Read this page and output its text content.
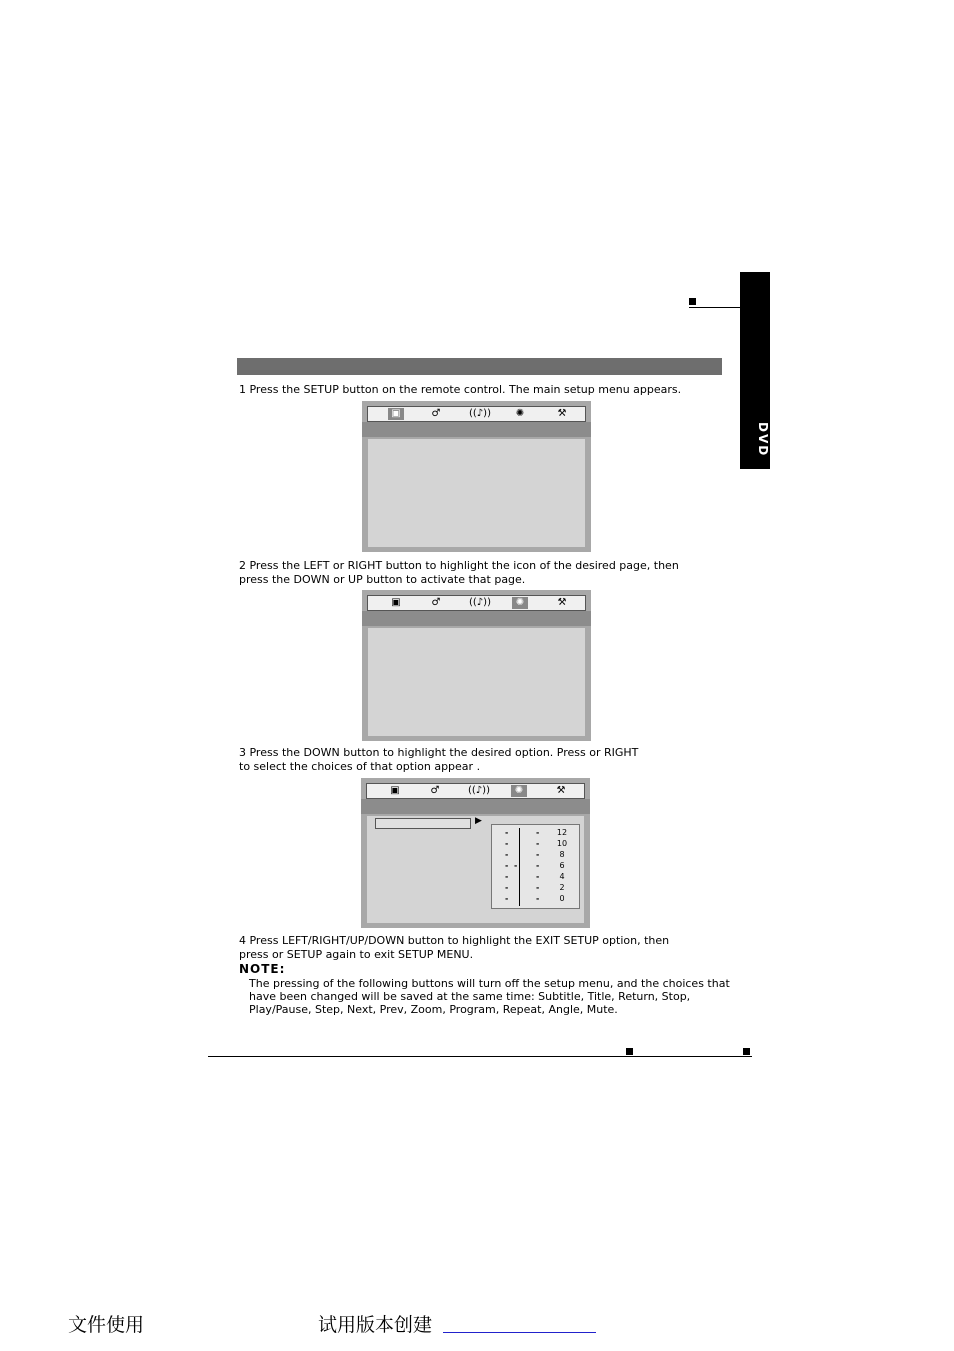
DVD
1 Press the SETUP button on the remote control. The main setup menu appears.
▣	♂	((♪))	✺	⚒
2 Press the LEFT or RIGHT button to highlight the icon of the desired page, then
press the DOWN or UP button to activate that page.
▣	♂	((♪))	✺	⚒
3 Press the DOWN button to highlight the desired option. Press or RIGHT
to select the choices of that option appear .
▣	♂	((♪))	✺	⚒
▶
-	-	12
-	-	10
-	-	8
- - -	6
-	-	4
-	-	2
-	-	0
4 Press LEFT/RIGHT/UP/DOWN button to highlight the EXIT SETUP option, then
press or SETUP again to exit SETUP MENU.
NOTE:
The pressing of the following buttons will turn off the setup menu, and the choices that
have been changed will be saved at the same time: Subtitle, Title, Return, Stop,
Play/Pause, Step, Next, Prev, Zoom, Program, Repeat, Angle, Mute.
文件使用	试用版本创建
